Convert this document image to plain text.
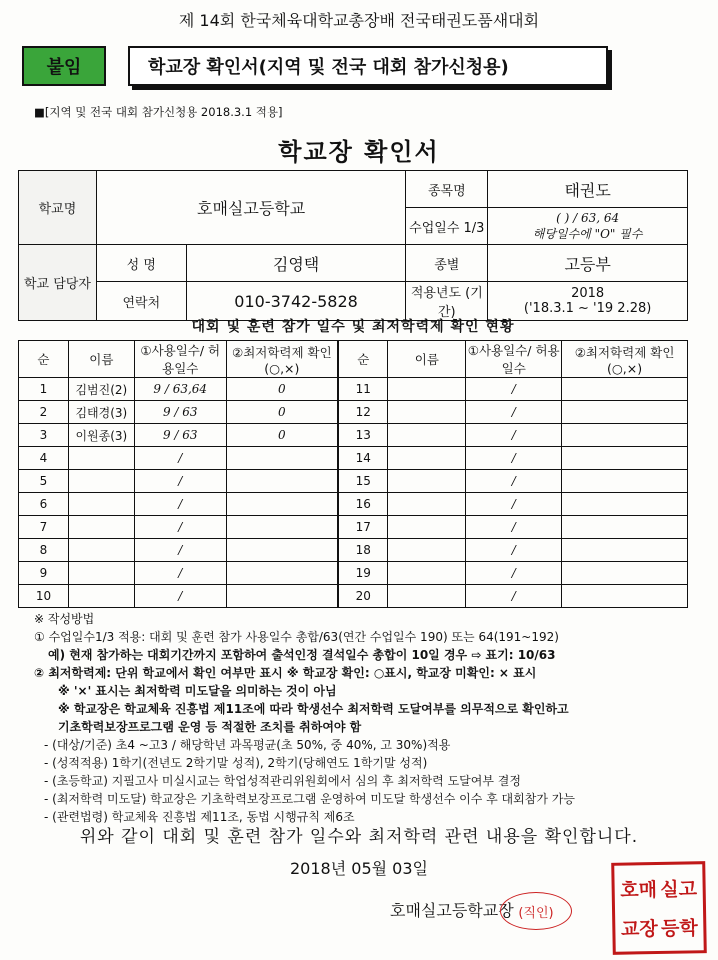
제 14회 한국체육대학교총장배 전국태권도품새대회
붙임	학교장 확인서(지역 및 전국 대회 참가신청용)
■[지역 및 전국 대회 참가신청용 2018.3.1 적용]
학교장 확인서
학교명	호매실고등학교		종목명	태권도
			수업일수 1/3	( ) / 63, 64
해당일수에 "O" 필수

학교 담당자	성 명	김영택	종별	고등부
	연락처	010-3742-5828	적용년도 (기간)	2018
('18.3.1 ~ '19 2.28)
대회 및 훈련 참가 일수 및 최저학력제 확인 현황
순	이름	①사용일수/ 허용일수	②최저학력제 확인(○,×)	순	이름	①사용일수/ 허용일수	②최저학력제 확인(○,×)
1	김범진(2)	9 / 63,64	0	11		/	
2	김태경(3)	9 / 63	0	12		/	
3	이원종(3)	9 / 63	0	13		/	
4		/		14		/	
5		/		15		/	
6		/		16		/	
7		/		17		/	
8		/		18		/	
9		/		19		/	
10		/		20		/	

※ 작성방법

① 수업일수1/3 적용: 대회 및 훈련 참가 사용일수 총합/63(연간 수업일수 190) 또는 64(191~192)

예) 현재 참가하는 대회기간까지 포함하여 출석인정 결석일수 총합이 10일 경우 ⇨ 표기: 10/63

② 최저학력제: 단위 학교에서 확인 여부만 표시 ※ 학교장 확인: ○표시, 학교장 미확인: × 표시

※ '×' 표시는 최저학력 미도달을 의미하는 것이 아님

※ 학교장은 학교체육 진흥법 제11조에 따라 학생선수 최저학력 도달여부를 의무적으로 확인하고

기초학력보장프로그램 운영 등 적절한 조치를 취하여야 함

- (대상/기준) 초4 ~고3 / 해당학년 과목평균(초 50%, 중 40%, 고 30%)적용

- (성적적용) 1학기(전년도 2학기말 성적), 2학기(당해연도 1학기말 성적)

- (초등학교) 지필고사 미실시교는 학업성적관리위원회에서 심의 후 최저학력 도달여부 결정

- (최저학력 미도달) 학교장은 기초학력보장프로그램 운영하여 미도달 학생선수 이수 후 대회참가 가능

- (관련법령) 학교체육 진흥법 제11조, 동법 시행규칙 제6조

위와 같이 대회 및 훈련 참가 일수와 최저학력 관련 내용을 확인합니다.
2018년 05월 03일
호매실고등학교장 (직인)
호매 실고
교장 등학
